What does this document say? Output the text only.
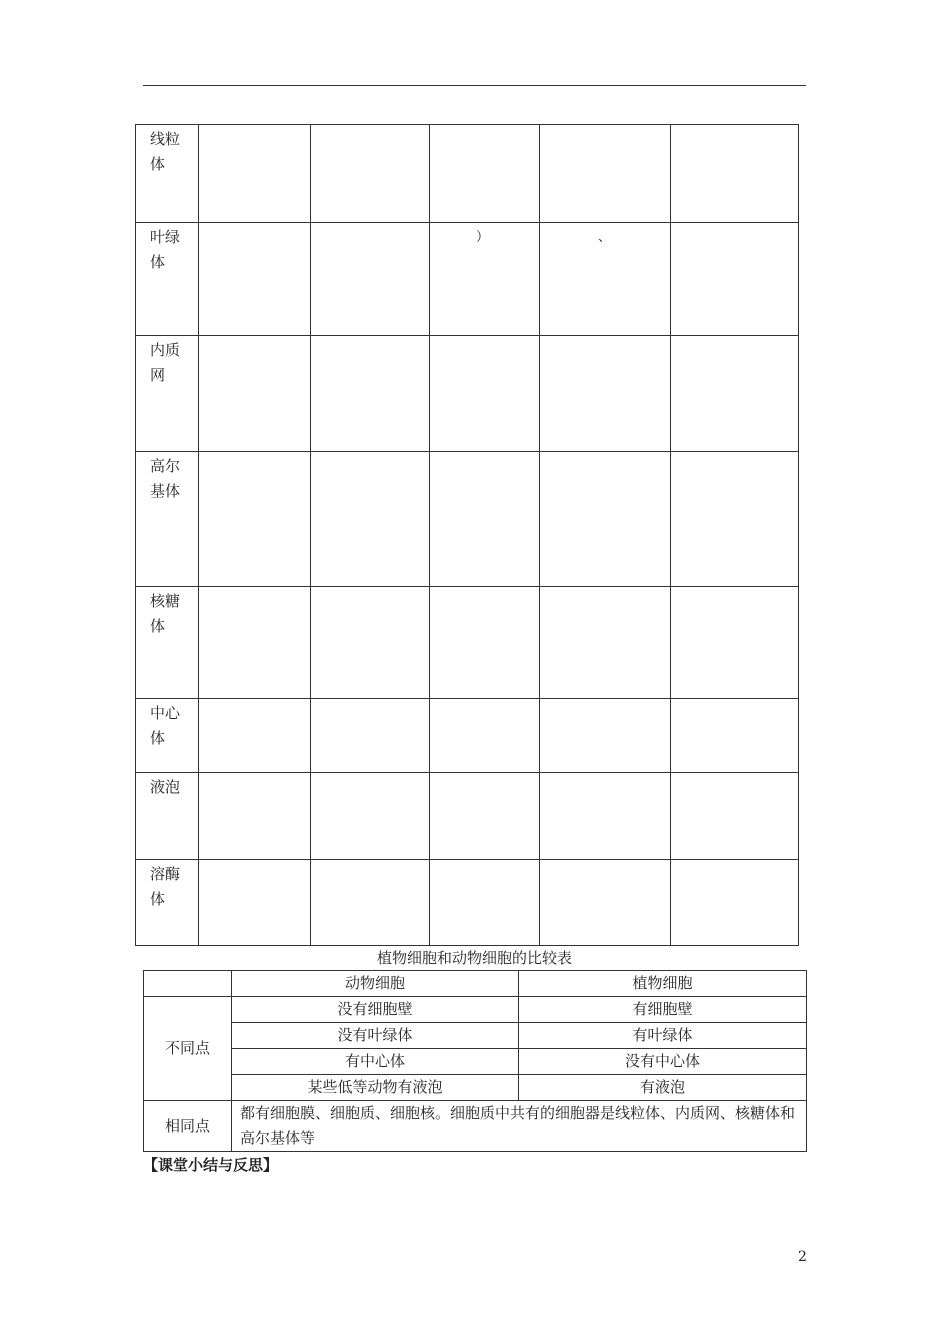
线粒体					
叶绿体			）	、	
内质网					
高尔基体					
核糖体					
中心体					
液泡					
溶酶体					
植物细胞和动物细胞的比较表
	动物细胞	植物细胞
不同点	没有细胞壁	有细胞壁
	没有叶绿体	有叶绿体
	有中心体	没有中心体
	某些低等动物有液泡	有液泡
相同点	都有细胞膜、细胞质、细胞核。细胞质中共有的细胞器是线粒体、内质网、核糖体和高尔基体等	
【课堂小结与反思】
2
